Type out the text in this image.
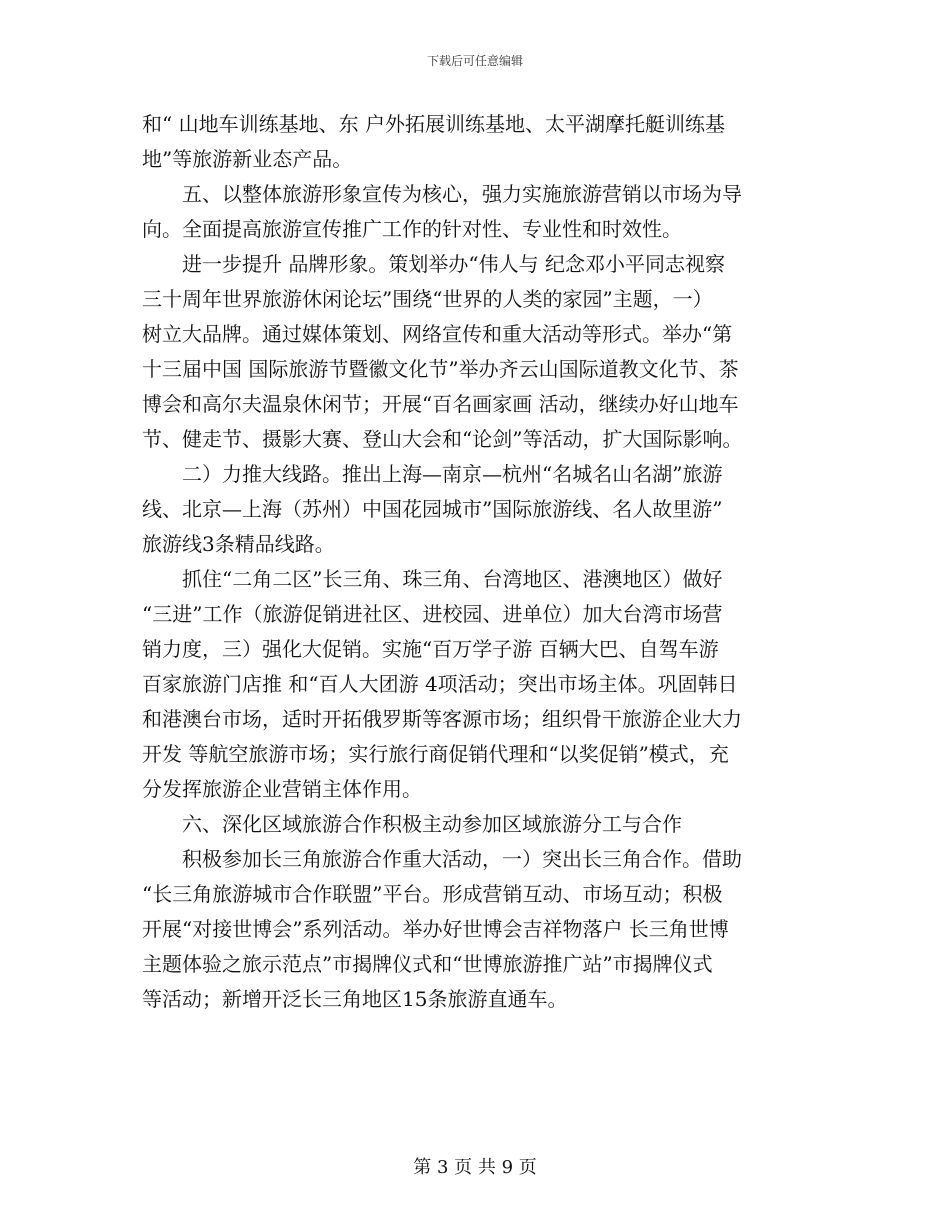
下载后可任意编辑

和“ 山地车训练基地、东 户外拓展训练基地、太平湖摩托艇训练基

地”等旅游新业态产品。

五、以整体旅游形象宣传为核心，强力实施旅游营销以市场为导

向。全面提高旅游宣传推广工作的针对性、专业性和时效性。

进一步提升 品牌形象。策划举办“伟人与 纪念邓小平同志视察

三十周年世界旅游休闲论坛”围绕“世界的人类的家园”主题，一）

树立大品牌。通过媒体策划、网络宣传和重大活动等形式。举办“第

十三届中国 国际旅游节暨徽文化节”举办齐云山国际道教文化节、茶

博会和高尔夫温泉休闲节；开展“百名画家画 活动，继续办好山地车

节、健走节、摄影大赛、登山大会和“论剑”等活动，扩大国际影响。

二）力推大线路。推出上海—南京—杭州“名城名山名湖”旅游

线、北京—上海（苏州）中国花园城市”国际旅游线、名人故里游”

旅游线3条精品线路。

抓住“二角二区”长三角、珠三角、台湾地区、港澳地区）做好

“三进”工作（旅游促销进社区、进校园、进单位）加大台湾市场营

销力度，三）强化大促销。实施“百万学子游 百辆大巴、自驾车游

百家旅游门店推 和“百人大团游 4项活动；突出市场主体。巩固韩日

和港澳台市场，适时开拓俄罗斯等客源市场；组织骨干旅游企业大力

开发 等航空旅游市场；实行旅行商促销代理和“以奖促销”模式，充

分发挥旅游企业营销主体作用。

六、深化区域旅游合作积极主动参加区域旅游分工与合作

积极参加长三角旅游合作重大活动，一）突出长三角合作。借助

“长三角旅游城市合作联盟”平台。形成营销互动、市场互动；积极

开展“对接世博会”系列活动。举办好世博会吉祥物落户 长三角世博

主题体验之旅示范点”市揭牌仪式和“世博旅游推广站”市揭牌仪式

等活动；新增开泛长三角地区15条旅游直通车。

第 3 页 共 9 页
